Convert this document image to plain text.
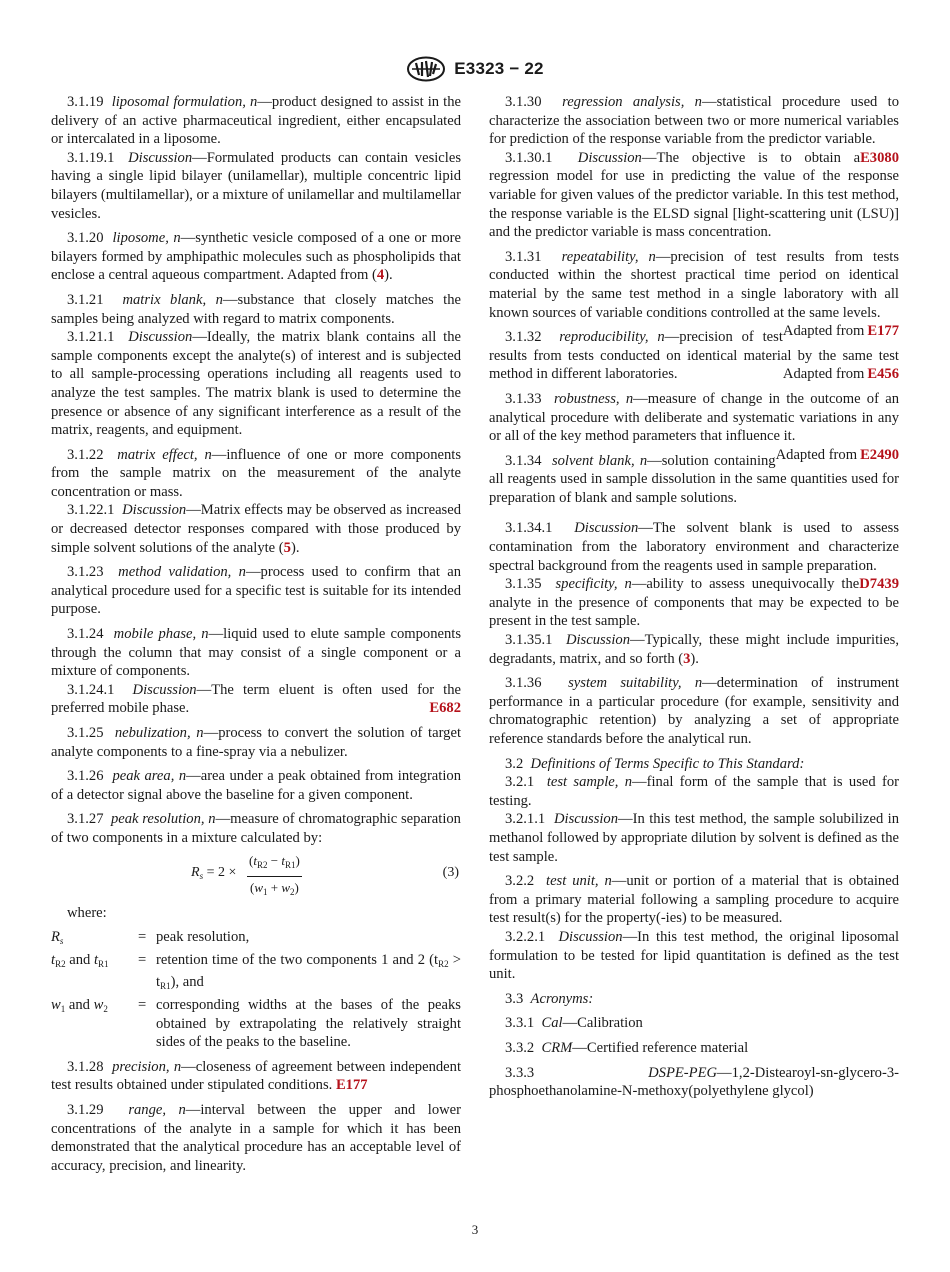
E3323 − 22

3.1.19 liposomal formulation, n—product designed to assist in the delivery of an active pharmaceutical ingredient, either encapsulated or intercalated in a liposome.

3.1.19.1 Discussion—Formulated products can contain vesicles having a single lipid bilayer (unilamellar), multiple concentric lipid bilayers (multilamellar), or a mixture of unilamellar and multilamellar vesicles.

3.1.20 liposome, n—synthetic vesicle composed of a one or more bilayers formed by amphipathic molecules such as phospholipids that enclose a central aqueous compartment. Adapted from (4).

3.1.21 matrix blank, n—substance that closely matches the samples being analyzed with regard to matrix components.

3.1.21.1 Discussion—Ideally, the matrix blank contains all the sample components except the analyte(s) of interest and is subjected to all sample-processing operations including all reagents used to analyze the test samples. The matrix blank is used to determine the presence or absence of any significant interference as a result of the matrix, reagents, and equipment.

3.1.22 matrix effect, n—influence of one or more components from the sample matrix on the measurement of the analyte concentration or mass.

3.1.22.1 Discussion—Matrix effects may be observed as increased or decreased detector responses compared with those produced by simple solvent solutions of the analyte (5).

3.1.23 method validation, n—process used to confirm that an analytical procedure used for a specific test is suitable for its intended purpose.

3.1.24 mobile phase, n—liquid used to elute sample components through the column that may consist of a single component or a mixture of components.

3.1.24.1 Discussion—The term eluent is often used for the preferred mobile phase.	E682

3.1.25 nebulization, n—process to convert the solution of target analyte components to a fine-spray via a nebulizer.

3.1.26 peak area, n—area under a peak obtained from integration of a detector signal above the baseline for a given component.

3.1.27 peak resolution, n—measure of chromatographic separation of two components in a mixture calculated by:

$R_s = 2$ ×
$(t_{R2} - t_{R1})$
$(w_1 + w_2)$
(3)

where:

$R_s$	= peak resolution,
$t_{R2}$ and $t_{R1}$	= retention time of the two components 1 and 2 $(t_{R2} > t_{R1})$, and
$w_1$ and $w_2$	= corresponding widths at the bases of the peaks obtained by extrapolating the relatively straight sides of the peaks to the baseline.

3.1.28 precision, n—closeness of agreement between independent test results obtained under stipulated conditions. E177

3.1.29 range, n—interval between the upper and lower concentrations of the analyte in a sample for which it has been demonstrated that the analytical procedure has an acceptable level of accuracy, precision, and linearity.

3.1.30 regression analysis, n—statistical procedure used to characterize the association between two or more numerical variables for prediction of the response variable from the predictor variable.
E3080

3.1.30.1 Discussion—The objective is to obtain a regression model for use in predicting the value of the response variable for given values of the predictor variable. In this test method, the response variable is the ELSD signal [light-scattering unit (LSU)] and the predictor variable is mass concentration.

3.1.31 repeatability, n—precision of test results from tests conducted within the shortest practical time period on identical material by the same test method in a single laboratory with all known sources of variable conditions controlled at the same levels.
Adapted from E177

3.1.32 reproducibility, n—precision of test results from tests conducted on identical material by the same test method in different laboratories.	Adapted from E456

3.1.33 robustness, n—measure of change in the outcome of an analytical procedure with deliberate and systematic variations in any or all of the key method parameters that influence it.
Adapted from E2490

3.1.34 solvent blank, n—solution containing all reagents used in sample dissolution in the same quantities used for preparation of blank and sample solutions.

3.1.34.1 Discussion—The solvent blank is used to assess contamination from the laboratory environment and characterize spectral background from the reagents used in sample preparation.
D7439

3.1.35 specificity, n—ability to assess unequivocally the analyte in the presence of components that may be expected to be present in the test sample.

3.1.35.1 Discussion—Typically, these might include impurities, degradants, matrix, and so forth (3).

3.1.36 system suitability, n—determination of instrument performance in a particular procedure (for example, sensitivity and chromatographic retention) by analyzing a set of appropriate reference standards before the analytical run.

3.2 Definitions of Terms Specific to This Standard:

3.2.1 test sample, n—final form of the sample that is used for testing.

3.2.1.1 Discussion—In this test method, the sample solubilized in methanol followed by appropriate dilution by solvent is defined as the test sample.

3.2.2 test unit, n—unit or portion of a material that is obtained from a primary material following a sampling procedure to acquire test result(s) for the property(-ies) to be measured.

3.2.2.1 Discussion—In this test method, the original liposomal formulation to be tested for lipid quantitation is defined as the test unit.

3.3 Acronyms:

3.3.1 Cal—Calibration

3.3.2 CRM—Certified reference material

3.3.3	DSPE-PEG—1,2-Distearoyl-sn-glycero-3-phosphoethanolamine-N-methoxy(polyethylene glycol)

3
